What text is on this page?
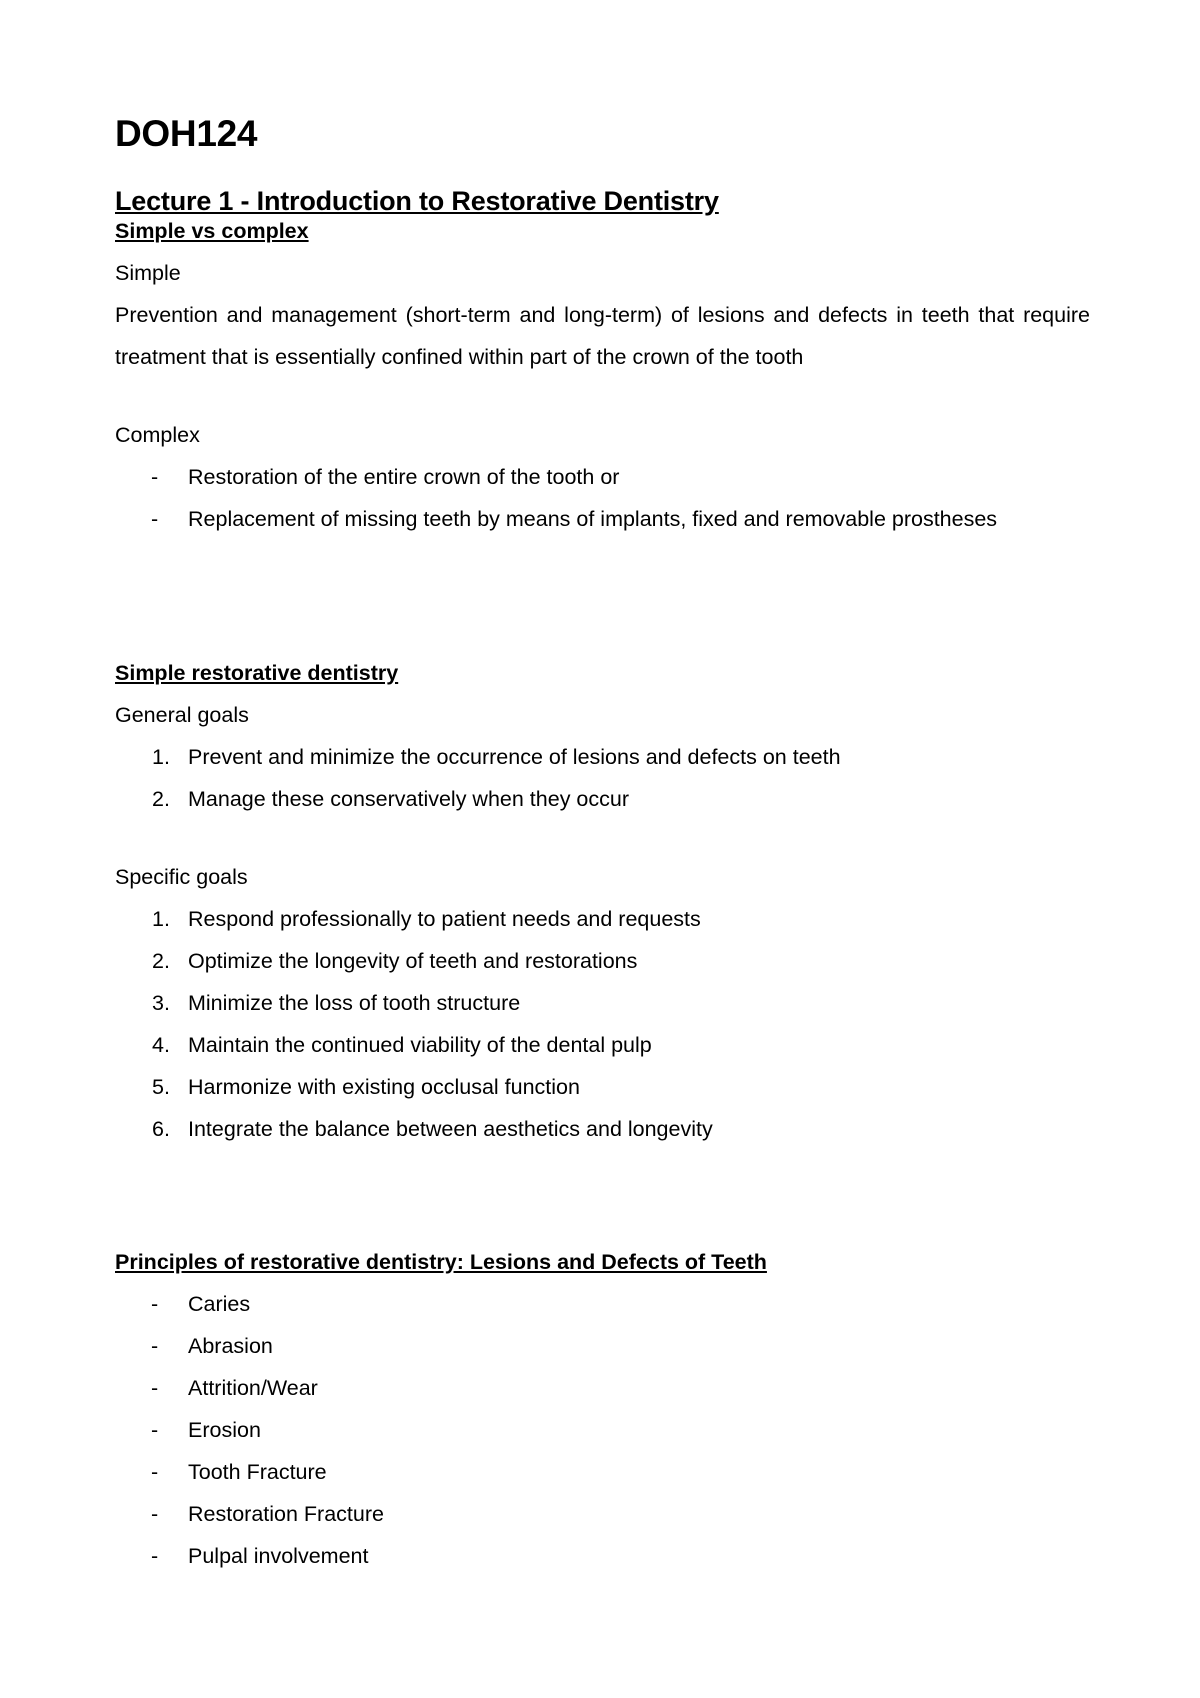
DOH124
Lecture 1 - Introduction to Restorative Dentistry
Simple vs complex
Simple
Prevention and management (short-term and long-term) of lesions and defects in teeth that require treatment that is essentially confined within part of the crown of the tooth
Complex
- Restoration of the entire crown of the tooth or
- Replacement of missing teeth by means of implants, fixed and removable prostheses
Simple restorative dentistry
General goals
1. Prevent and minimize the occurrence of lesions and defects on teeth
2. Manage these conservatively when they occur
Specific goals
1. Respond professionally to patient needs and requests
2. Optimize the longevity of teeth and restorations
3. Minimize the loss of tooth structure
4. Maintain the continued viability of the dental pulp
5. Harmonize with existing occlusal function
6. Integrate the balance between aesthetics and longevity
Principles of restorative dentistry: Lesions and Defects of Teeth
- Caries
- Abrasion
- Attrition/Wear
- Erosion
- Tooth Fracture
- Restoration Fracture
- Pulpal involvement
